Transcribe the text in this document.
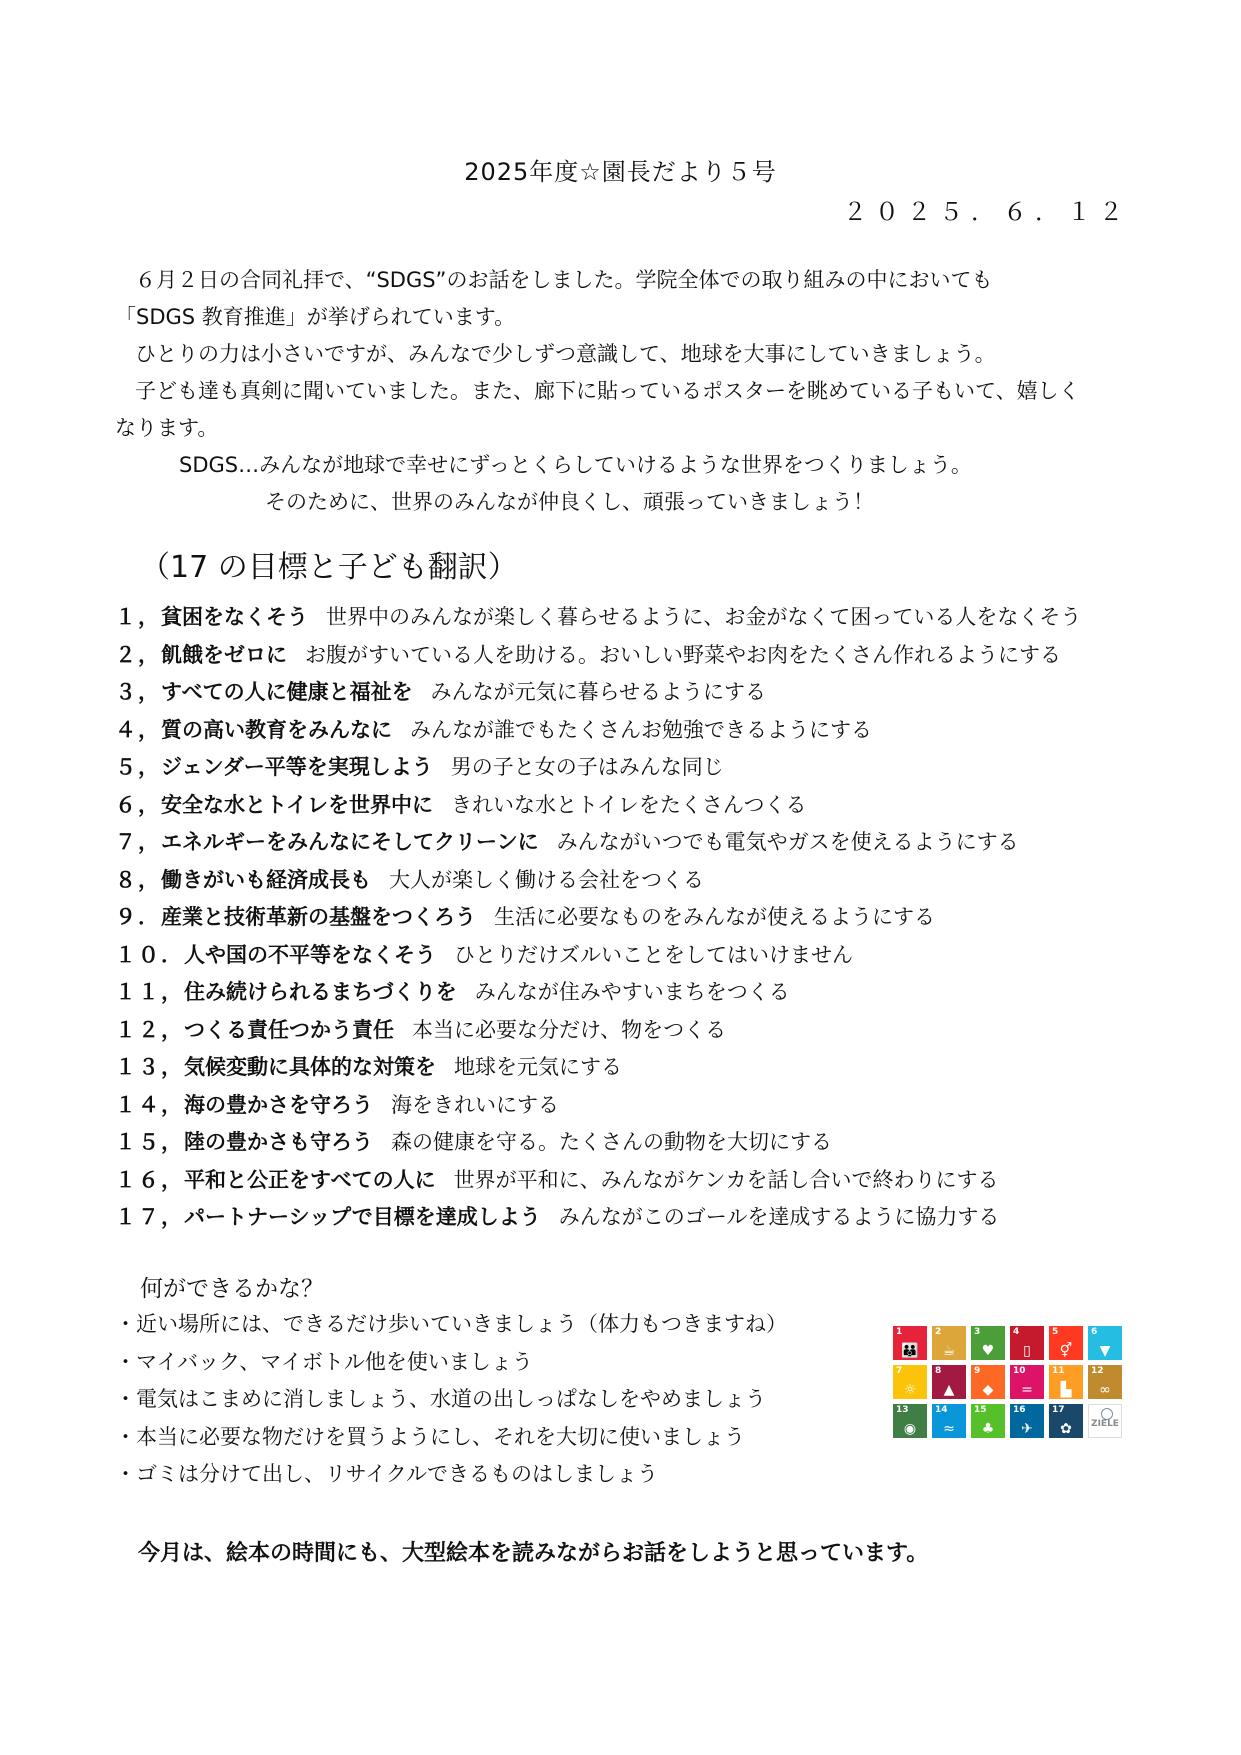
2025年度☆園長だより５号
２０２５．６．１２

６月２日の合同礼拝で、“SDGS”のお話をしました。学院全体での取り組みの中においても

「SDGS 教育推進」が挙げられています。

ひとりの力は小さいですが、みんなで少しずつ意識して、地球を大事にしていきましょう。

子ども達も真剣に聞いていました。また、廊下に貼っているポスターを眺めている子もいて、嬉しく

なります。

SDGS…みんなが地球で幸せにずっとくらしていけるような世界をつくりましょう。

そのために、世界のみんなが仲良くし、頑張っていきましょう！

（17 の目標と子ども翻訳）
１，貧困をなくそう 世界中のみんなが楽しく暮らせるように、お金がなくて困っている人をなくそう
２，飢餓をゼロに お腹がすいている人を助ける。おいしい野菜やお肉をたくさん作れるようにする
３，すべての人に健康と福祉を みんなが元気に暮らせるようにする
４，質の高い教育をみんなに みんなが誰でもたくさんお勉強できるようにする
５，ジェンダー平等を実現しよう 男の子と女の子はみんな同じ
６，安全な水とトイレを世界中に きれいな水とトイレをたくさんつくる
７，エネルギーをみんなにそしてクリーンに みんながいつでも電気やガスを使えるようにする
８，働きがいも経済成長も 大人が楽しく働ける会社をつくる
９．産業と技術革新の基盤をつくろう 生活に必要なものをみんなが使えるようにする
１０．人や国の不平等をなくそう ひとりだけズルいことをしてはいけません
１１，住み続けられるまちづくりを みんなが住みやすいまちをつくる
１２，つくる責任つかう責任 本当に必要な分だけ、物をつくる
１３，気候変動に具体的な対策を 地球を元気にする
１４，海の豊かさを守ろう 海をきれいにする
１５，陸の豊かさも守ろう 森の健康を守る。たくさんの動物を大切にする
１６，平和と公正をすべての人に 世界が平和に、みんながケンカを話し合いで終わりにする
１７，パートナーシップで目標を達成しよう みんながこのゴールを達成するように協力する
何ができるかな？
・近い場所には、できるだけ歩いていきましょう（体力もつきますね）
・マイバック、マイボトル他を使いましょう
・電気はこまめに消しましょう、水道の出しっぱなしをやめましょう
・本当に必要な物だけを買うようにし、それを大切に使いましょう
・ゴミは分けて出し、リサイクルできるものはしましょう
1
👪
2
☕
3
♥
4
▯
5
⚥
6
▼
7
☼
8
▲
9
◆
10
=
11
▙
12
∞
13
◉
14
≈
15
♣
16
✈
17
✿	ZIELE
今月は、絵本の時間にも、大型絵本を読みながらお話をしようと思っています。
